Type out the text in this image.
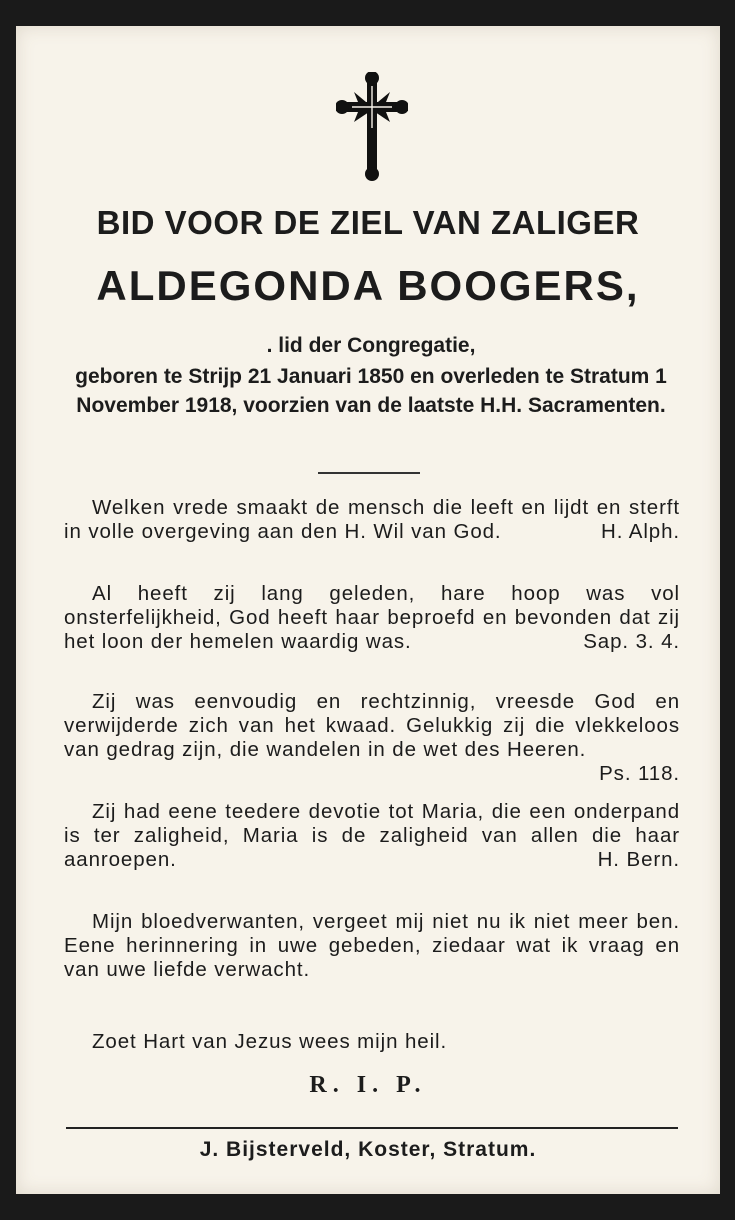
BID VOOR DE ZIEL VAN ZALIGER
ALDEGONDA BOOGERS,
. lid der Congregatie,
geboren te Strijp 21 Januari 1850 en overleden te Stratum 1 November 1918, voorzien van de laatste H.H. Sacramenten.

Welken vrede smaakt de mensch die leeft en lijdt en sterft in volle overgeving aan den H. Wil van God.	H. Alph.

Al heeft zij lang geleden, hare hoop was vol onsterfelijkheid, God heeft haar beproefd en bevonden dat zij het loon der hemelen waardig was.	Sap. 3. 4.

Zij was eenvoudig en rechtzinnig, vreesde God en verwijderde zich van het kwaad. Gelukkig zij die vlekkeloos van gedrag zijn, die wandelen in de wet des Heeren.
Ps. 118.

Zij had eene teedere devotie tot Maria, die een onderpand is ter zaligheid, Maria is de zaligheid van allen die haar aanroepen.	H. Bern.

Mijn bloedverwanten, vergeet mij niet nu ik niet meer ben. Eene herinnering in uwe gebeden, ziedaar wat ik vraag en van uwe liefde verwacht.

Zoet Hart van Jezus wees mijn heil.

R. I. P.
J. Bijsterveld, Koster, Stratum.
